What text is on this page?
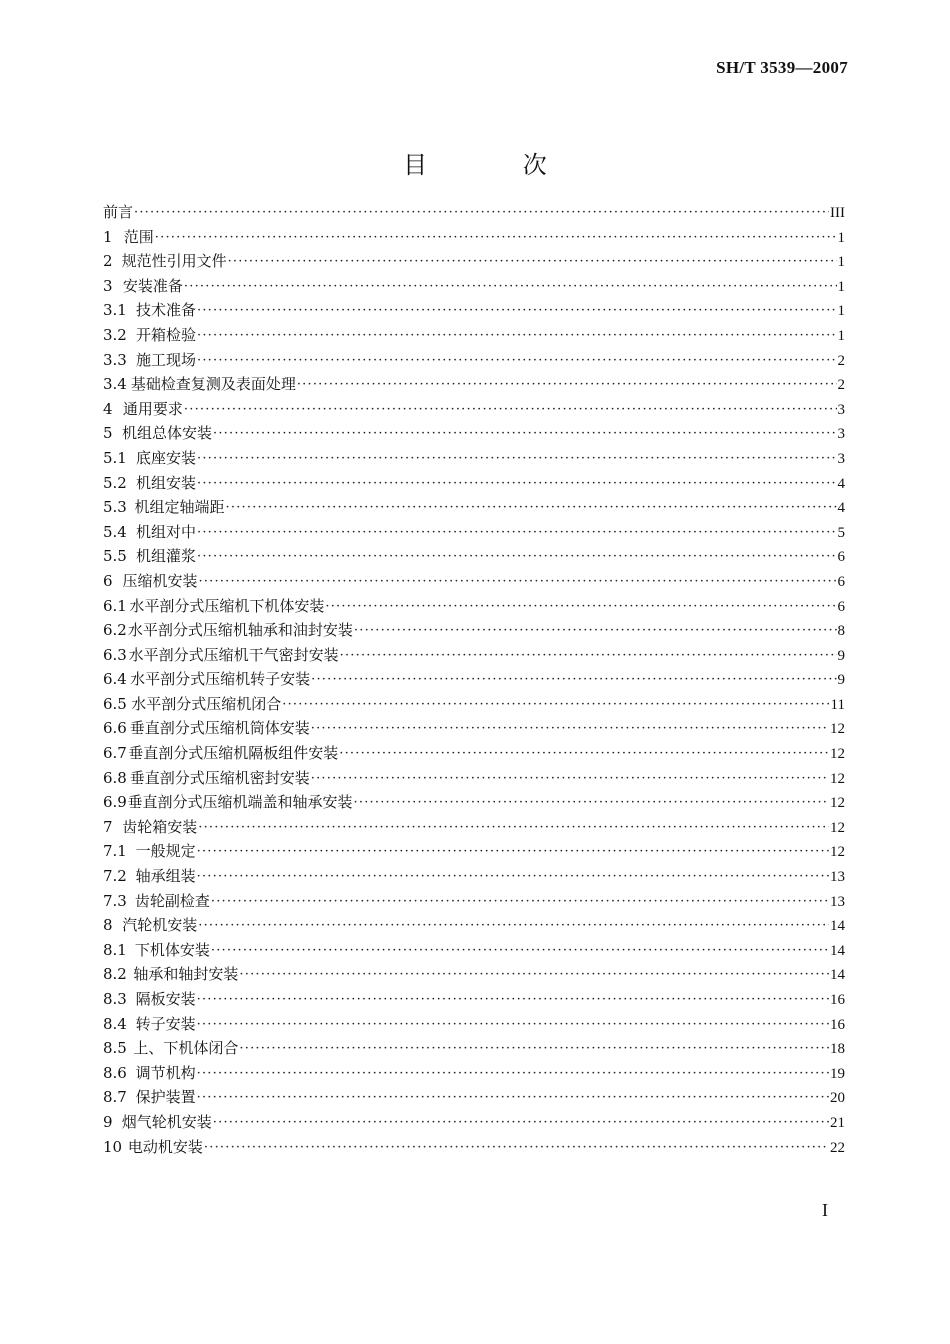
SH/T 3539—2007
目 次
前言 ·····	III
1 范围 ·····	1
2 规范性引用文件 ·····	1
3 安装准备 ·····	1
3.1 技术准备 ·····	1
3.2 开箱检验 ·····	1
3.3 施工现场 ·····	2
3.4 基础检查复测及表面处理 ·····	2
4 通用要求 ·····	3
5 机组总体安装 ·····	3
5.1 底座安装 ·····	3
5.2 机组安装 ·····	4
5.3 机组定轴端距 ·····	4
5.4 机组对中 ·····	5
5.5 机组灌浆 ·····	6
6 压缩机安装 ·····	6
6.1 水平剖分式压缩机下机体安装 ·····	6
6.2 水平剖分式压缩机轴承和油封安装 ·····	8
6.3 水平剖分式压缩机干气密封安装 ·····	9
6.4 水平剖分式压缩机转子安装 ·····	9
6.5 水平剖分式压缩机闭合 ·····	11
6.6 垂直剖分式压缩机筒体安装 ·····	12
6.7 垂直剖分式压缩机隔板组件安装 ·····	12
6.8 垂直剖分式压缩机密封安装 ·····	12
6.9 垂直剖分式压缩机端盖和轴承安装 ·····	12
7 齿轮箱安装 ·····	12
7.1 一般规定 ·····	12
7.2 轴承组装 ·····	13
7.3 齿轮副检查 ·····	13
8 汽轮机安装 ·····	14
8.1 下机体安装 ·····	14
8.2 轴承和轴封安装 ·····	14
8.3 隔板安装 ·····	16
8.4 转子安装 ·····	16
8.5 上、下机体闭合 ·····	18
8.6 调节机构 ·····	19
8.7 保护装置 ·····	20
9 烟气轮机安装 ·····	21
10 电动机安装 ·····	22
I
